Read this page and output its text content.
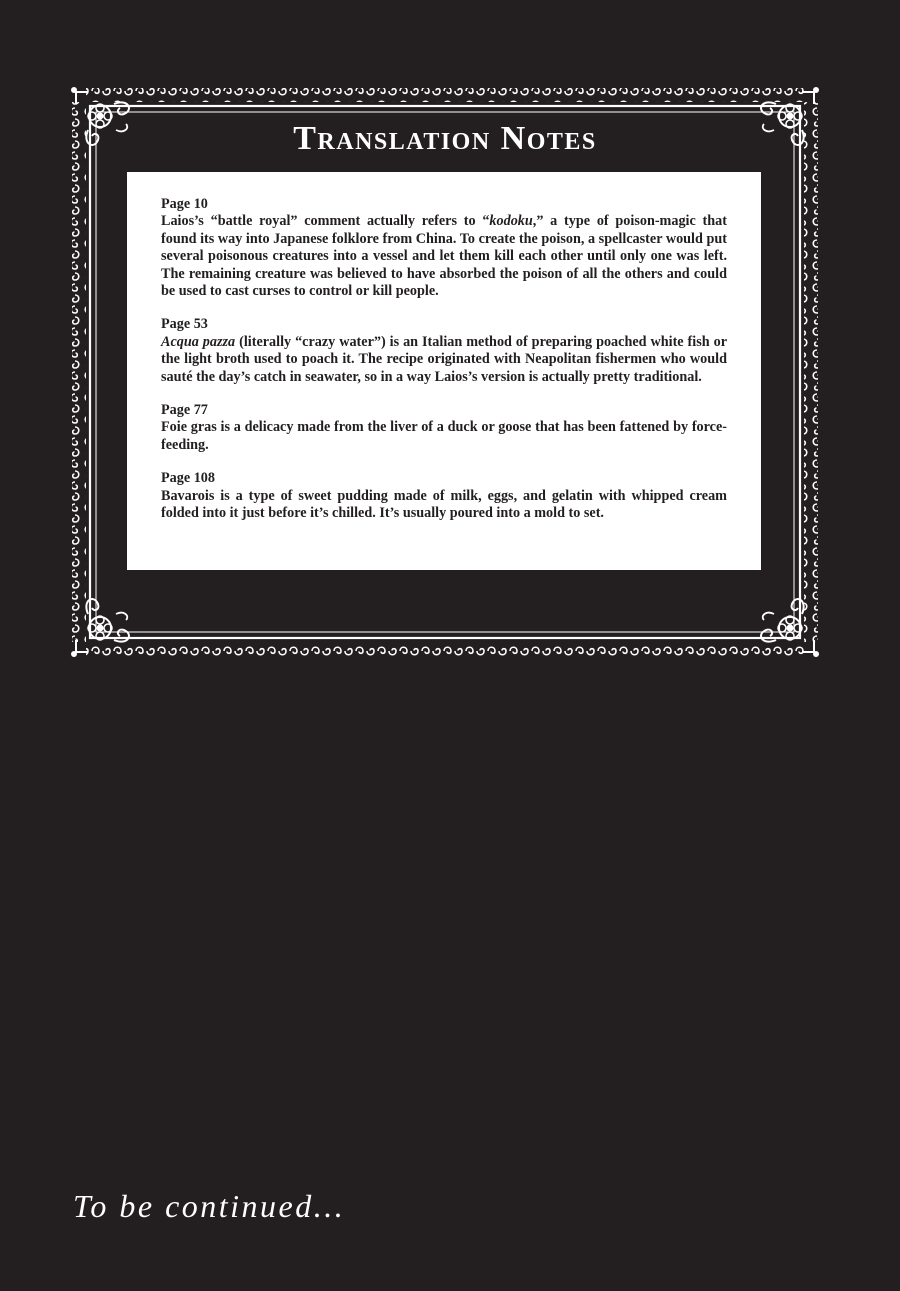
Translation Notes

Page 10
Laios’s “battle royal” comment actually refers to “kodoku,” a type of poison-magic that found its way into Japanese folklore from China. To create the poison, a spellcaster would put several poisonous creatures into a vessel and let them kill each other until only one was left. The remaining creature was believed to have absorbed the poison of all the others and could be used to cast curses to control or kill people.

Page 53
Acqua pazza (literally “crazy water”) is an Italian method of preparing poached white fish or the light broth used to poach it. The recipe originated with Neapolitan fishermen who would sauté the day’s catch in seawater, so in a way Laios’s version is actually pretty traditional.

Page 77
Foie gras is a delicacy made from the liver of a duck or goose that has been fattened by force-feeding.

Page 108
Bavarois is a type of sweet pudding made of milk, eggs, and gelatin with whipped cream folded into it just before it’s chilled. It’s usually poured into a mold to set.

To be continued...
